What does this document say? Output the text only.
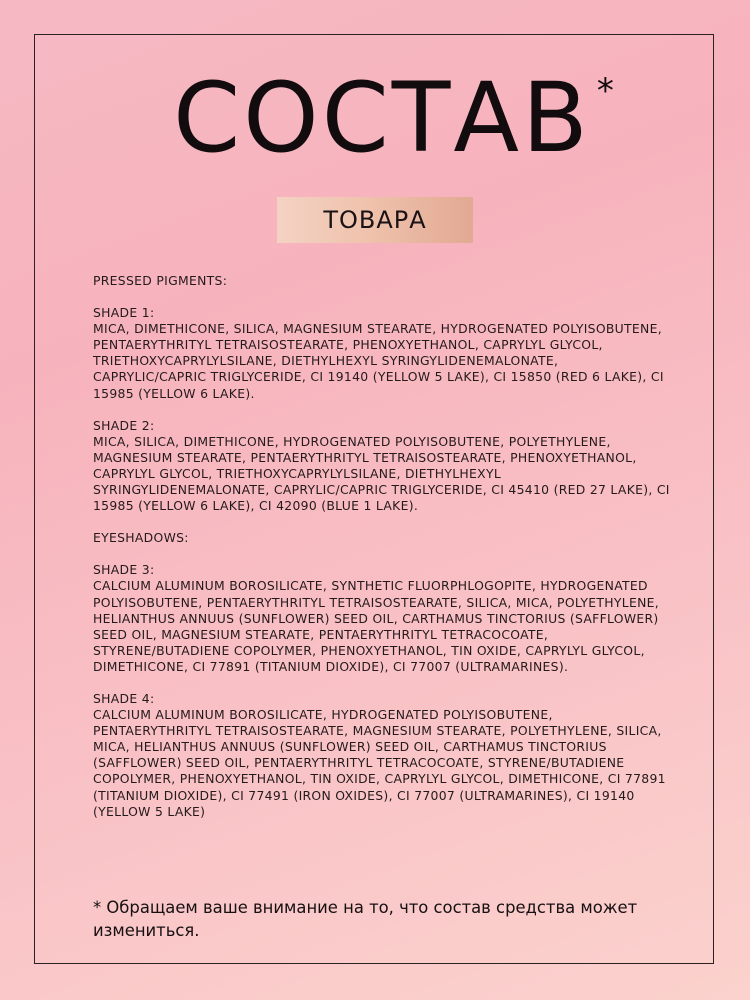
СОСТАВ *
ТОВАРА

PRESSED PIGMENTS:

SHADE 1:
MICA, DIMETHICONE, SILICA, MAGNESIUM STEARATE, HYDROGENATED POLYISOBUTENE, PENTAERYTHRITYL TETRAISOSTEARATE, PHENOXYETHANOL, CAPRYLYL GLYCOL, TRIETHOXYCAPRYLYLSILANE, DIETHYLHEXYL SYRINGYLIDENEMALONATE, CAPRYLIC/CAPRIC TRIGLYCERIDE, CI 19140 (YELLOW 5 LAKE), CI 15850 (RED 6 LAKE), CI 15985 (YELLOW 6 LAKE).

SHADE 2:
MICA, SILICA, DIMETHICONE, HYDROGENATED POLYISOBUTENE, POLYETHYLENE, MAGNESIUM STEARATE, PENTAERYTHRITYL TETRAISOSTEARATE, PHENOXYETHANOL, CAPRYLYL GLYCOL, TRIETHOXYCAPRYLYLSILANE, DIETHYLHEXYL SYRINGYLIDENEMALONATE, CAPRYLIC/CAPRIC TRIGLYCERIDE, CI 45410 (RED 27 LAKE), CI 15985 (YELLOW 6 LAKE), CI 42090 (BLUE 1 LAKE).

EYESHADOWS:

SHADE 3:
CALCIUM ALUMINUM BOROSILICATE, SYNTHETIC FLUORPHLOGOPITE, HYDROGENATED POLYISOBUTENE, PENTAERYTHRITYL TETRAISOSTEARATE, SILICA, MICA, POLYETHYLENE, HELIANTHUS ANNUUS (SUNFLOWER) SEED OIL, CARTHAMUS TINCTORIUS (SAFFLOWER) SEED OIL, MAGNESIUM STEARATE, PENTAERYTHRITYL TETRACOCOATE, STYRENE/BUTADIENE COPOLYMER, PHENOXYETHANOL, TIN OXIDE, CAPRYLYL GLYCOL, DIMETHICONE, CI 77891 (TITANIUM DIOXIDE), CI 77007 (ULTRAMARINES).

SHADE 4:
CALCIUM ALUMINUM BOROSILICATE, HYDROGENATED POLYISOBUTENE, PENTAERYTHRITYL TETRAISOSTEARATE, MAGNESIUM STEARATE, POLYETHYLENE, SILICA, MICA, HELIANTHUS ANNUUS (SUNFLOWER) SEED OIL, CARTHAMUS TINCTORIUS (SAFFLOWER) SEED OIL, PENTAERYTHRITYL TETRACOCOATE, STYRENE/BUTADIENE COPOLYMER, PHENOXYETHANOL, TIN OXIDE, CAPRYLYL GLYCOL, DIMETHICONE, CI 77891 (TITANIUM DIOXIDE), CI 77491 (IRON OXIDES), CI 77007 (ULTRAMARINES), CI 19140 (YELLOW 5 LAKE)

* Обращаем ваше внимание на то, что состав средства может измениться.
